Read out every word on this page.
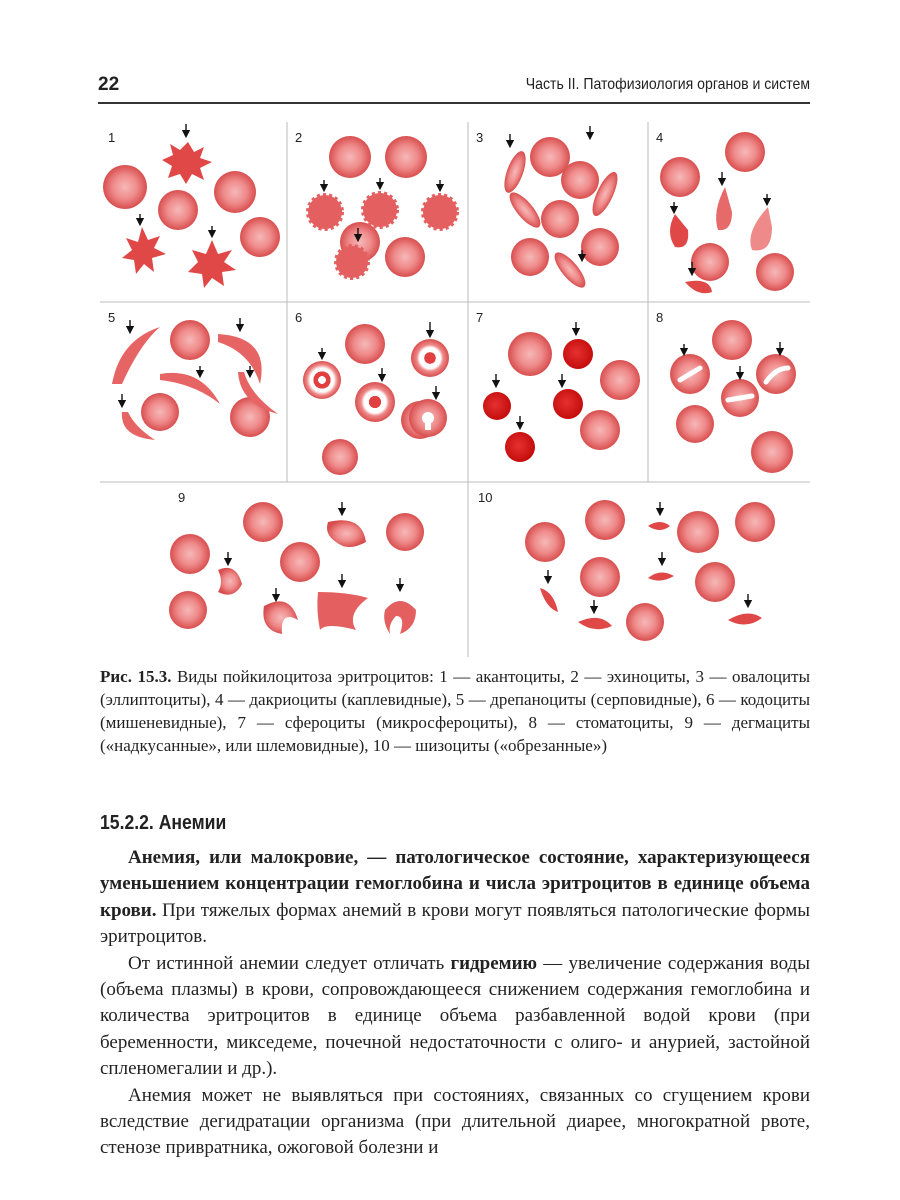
22	Часть II. Патофизиология органов и систем
1	2	3	4
5	6	7	8
9	10
Рис. 15.3. Виды пойкилоцитоза эритроцитов: 1 — акантоциты, 2 — эхиноциты, 3 — овалоциты (эллиптоциты), 4 — дакриоциты (каплевидные), 5 — дрепаноциты (серповидные), 6 — кодоциты (мишеневидные), 7 — сфероциты (микросфероциты), 8 — стоматоциты, 9 — дегмациты («надкусанные», или шлемовидные), 10 — шизоциты («обрезанные»)
15.2.2. Анемии

Анемия, или малокровие, — патологическое состояние, характеризующееся уменьшением концентрации гемоглобина и числа эритроцитов в единице объема крови. При тяжелых формах анемий в крови могут появляться патологические формы эритроцитов.

От истинной анемии следует отличать гидремию — увеличение содержания воды (объема плазмы) в крови, сопровождающееся снижением содержания гемоглобина и количества эритроцитов в единице объема разбавленной водой крови (при беременности, микседеме, почечной недостаточности с олиго- и анурией, застойной спленомегалии и др.).

Анемия может не выявляться при состояниях, связанных со сгущением крови вследствие дегидратации организма (при длительной диарее, многократной рвоте, стенозе привратника, ожоговой болезни и
